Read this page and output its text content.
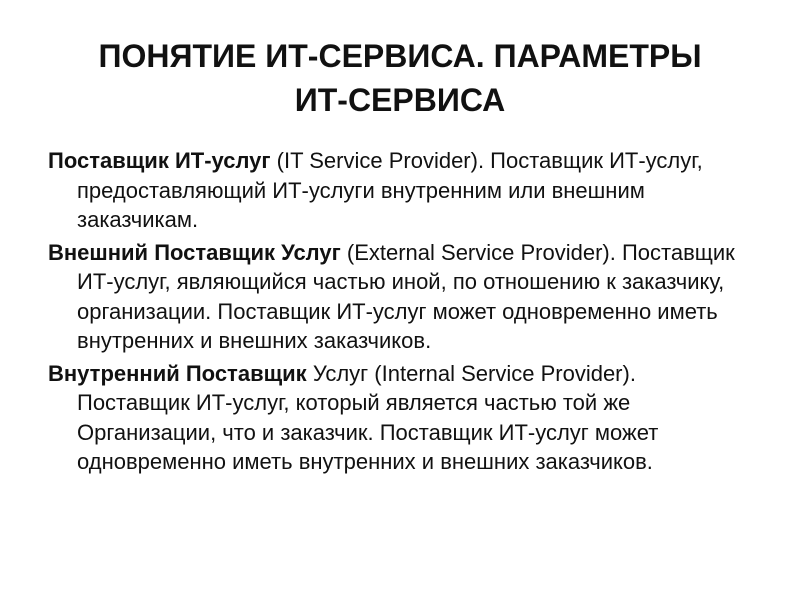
ПОНЯТИЕ ИТ-СЕРВИСА. ПАРАМЕТРЫ
ИТ-СЕРВИСА

Поставщик ИТ-услуг (IT Service Provider). Поставщик ИТ-услуг, предоставляющий ИТ-услуги внутренним или внешним заказчикам.

Внешний Поставщик Услуг (External Service Provider). Поставщик ИТ-услуг, являющийся частью иной, по отношению к заказчику, организации. Поставщик ИТ-услуг может одновременно иметь внутренних и внешних заказчиков.

Внутренний Поставщик Услуг (Internal Service Provider). Поставщик ИТ-услуг, который является частью той же Организации, что и заказчик. Поставщик ИТ-услуг может одновременно иметь внутренних и внешних заказчиков.
